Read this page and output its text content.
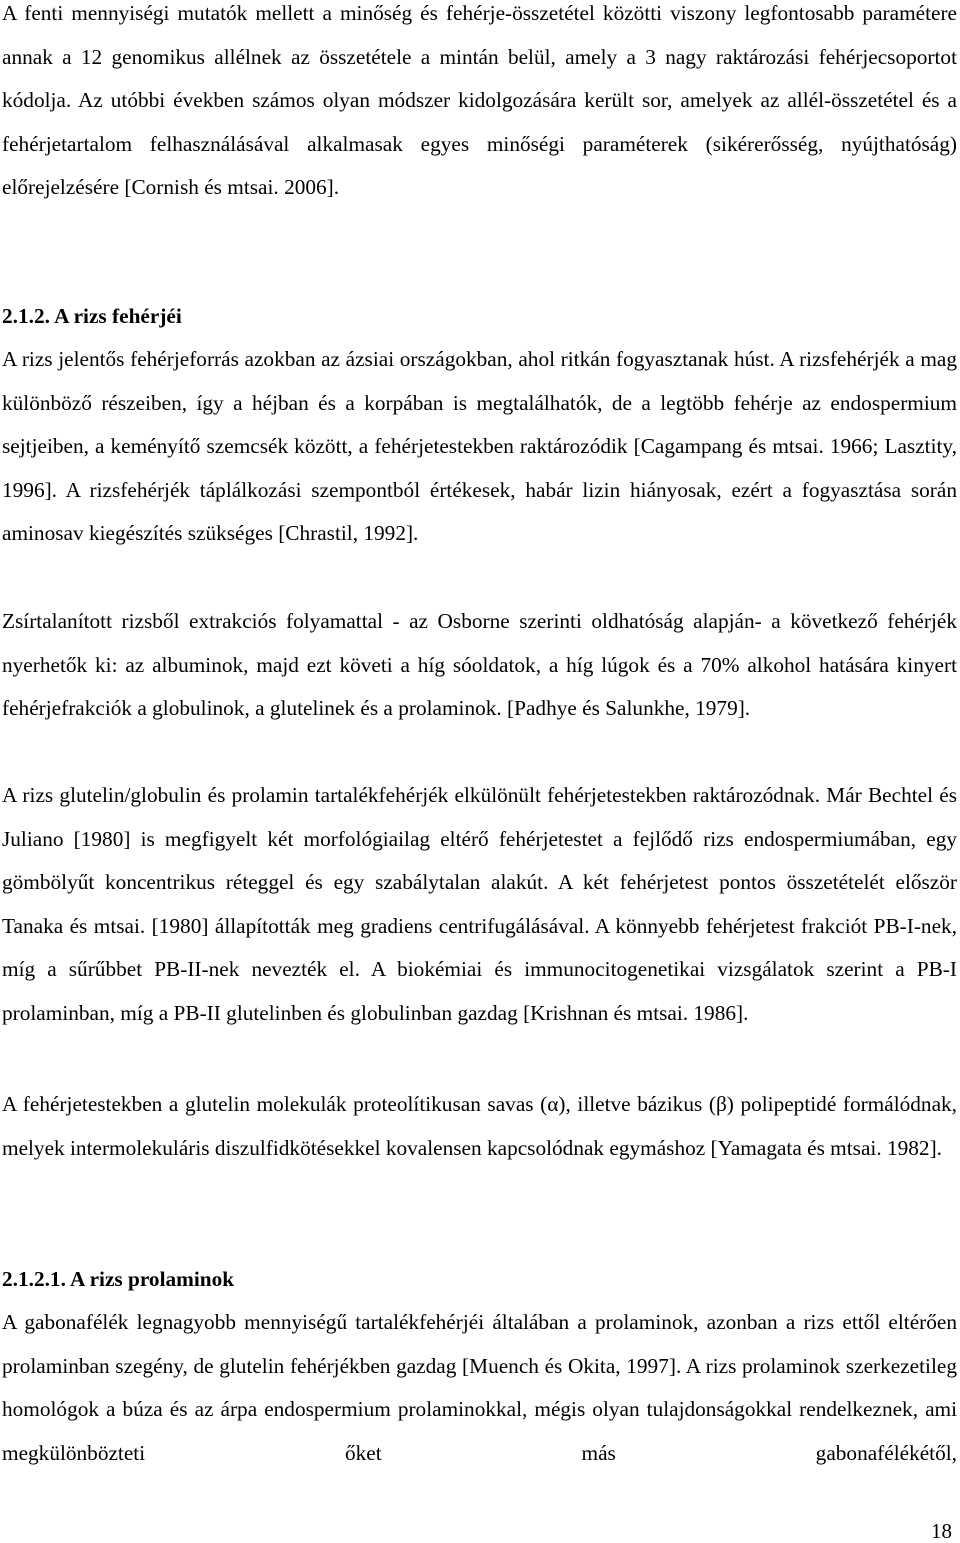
A fenti mennyiségi mutatók mellett a minőség és fehérje-összetétel közötti viszony legfontosabb paramétere annak a 12 genomikus allélnek az összetétele a mintán belül, amely a 3 nagy raktározási fehérjecsoportot kódolja. Az utóbbi években számos olyan módszer kidolgozására került sor, amelyek az allél-összetétel és a fehérjetartalom felhasználásával alkalmasak egyes minőségi paraméterek (sikérerősség, nyújthatóság) előrejelzésére [Cornish és mtsai. 2006].

2.1.2. A rizs fehérjéi

A rizs jelentős fehérjeforrás azokban az ázsiai országokban, ahol ritkán fogyasztanak húst. A rizsfehérjék a mag különböző részeiben, így a héjban és a korpában is megtalálhatók, de a legtöbb fehérje az endospermium sejtjeiben, a keményítő szemcsék között, a fehérjetestekben raktározódik [Cagampang és mtsai. 1966; Lasztity, 1996]. A rizsfehérjék táplálkozási szempontból értékesek, habár lizin hiányosak, ezért a fogyasztása során aminosav kiegészítés szükséges [Chrastil, 1992].

Zsírtalanított rizsből extrakciós folyamattal - az Osborne szerinti oldhatóság alapján- a következő fehérjék nyerhetők ki: az albuminok, majd ezt követi a híg sóoldatok, a híg lúgok és a 70% alkohol hatására kinyert fehérjefrakciók a globulinok, a glutelinek és a prolaminok. [Padhye és Salunkhe, 1979].

A rizs glutelin/globulin és prolamin tartalékfehérjék elkülönült fehérjetestekben raktározódnak. Már Bechtel és Juliano [1980] is megfigyelt két morfológiailag eltérő fehérjetestet a fejlődő rizs endospermiumában, egy gömbölyűt koncentrikus réteggel és egy szabálytalan alakút. A két fehérjetest pontos összetételét először Tanaka és mtsai. [1980] állapították meg gradiens centrifugálásával. A könnyebb fehérjetest frakciót PB-I-nek, míg a sűrűbbet PB-II-nek nevezték el. A biokémiai és immunocitogenetikai vizsgálatok szerint a PB-I prolaminban, míg a PB-II glutelinben és globulinban gazdag [Krishnan és mtsai. 1986].

A fehérjetestekben a glutelin molekulák proteolítikusan savas (α), illetve bázikus (β) polipeptidé formálódnak, melyek intermolekuláris diszulfidkötésekkel kovalensen kapcsolódnak egymáshoz [Yamagata és mtsai. 1982].

2.1.2.1. A rizs prolaminok

A gabonafélék legnagyobb mennyiségű tartalékfehérjéi általában a prolaminok, azonban a rizs ettől eltérően prolaminban szegény, de glutelin fehérjékben gazdag [Muench és Okita, 1997]. A rizs prolaminok szerkezetileg homológok a búza és az árpa endospermium prolaminokkal, mégis olyan tulajdonságokkal rendelkeznek, ami megkülönbözteti őket más gabonafélékétől,

18
